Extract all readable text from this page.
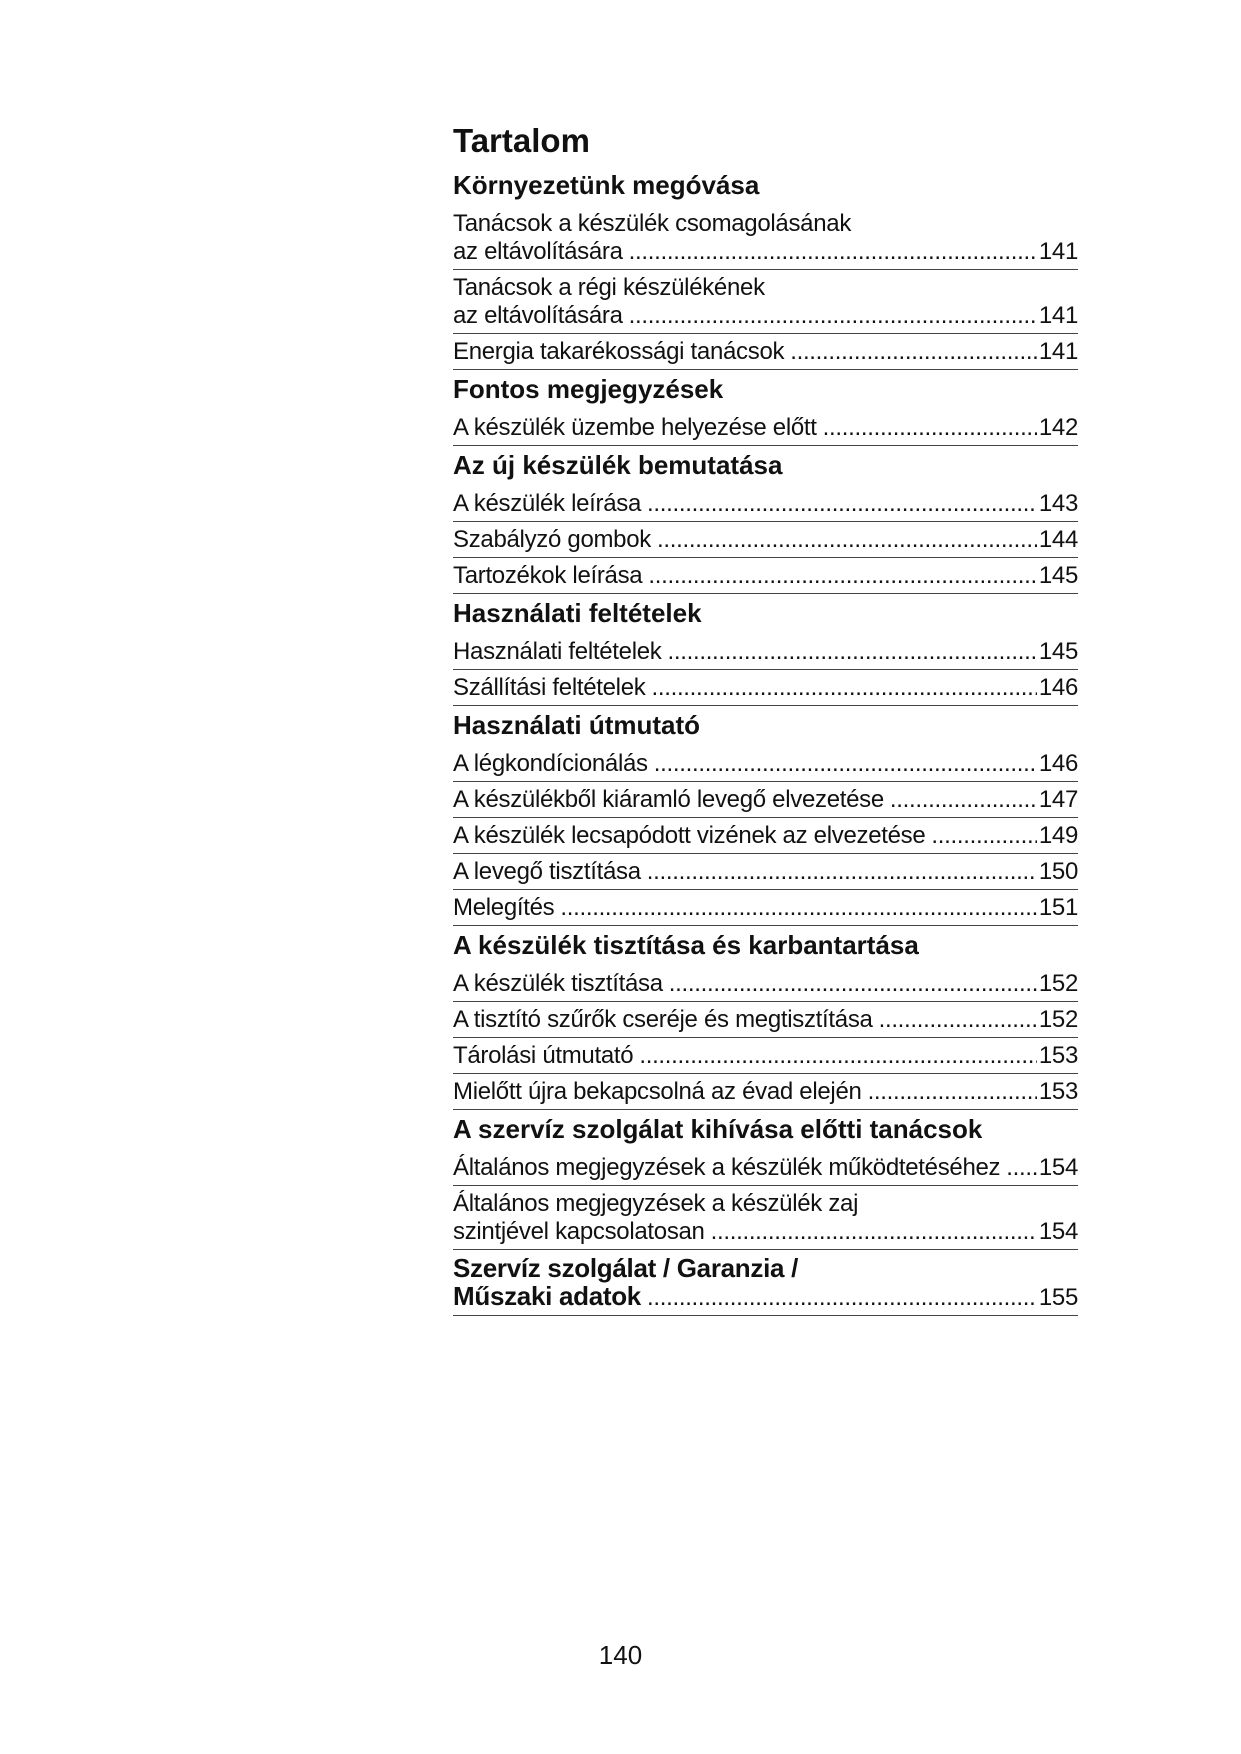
Tartalom
Környezetünk megóvása
Tanácsok a készülék csomagolásának
az eltávolítására .....	141
Tanácsok a régi készülékének
az eltávolítására .....	141
Energia takarékossági tanácsok .....	141
Fontos megjegyzések
A készülék üzembe helyezése előtt .....	142
Az új készülék bemutatása
A készülék leírása .....	143
Szabályzó gombok .....	144
Tartozékok leírása .....	145
Használati feltételek
Használati feltételek .....	145
Szállítási feltételek .....	146
Használati útmutató
A légkondícionálás .....	146
A készülékből kiáramló levegő elvezetése .....	147
A készülék lecsapódott vizének az elvezetése .....	149
A levegő tisztítása .....	150
Melegítés .....	151
A készülék tisztítása és karbantartása
A készülék tisztítása .....	152
A tisztító szűrők cseréje és megtisztítása .....	152
Tárolási útmutató .....	153
Mielőtt újra bekapcsolná az évad elején .....	153
A szervíz szolgálat kihívása előtti tanácsok
Általános megjegyzések a készülék működtetéséhez ..... 154
Általános megjegyzések a készülék zaj
szintjével kapcsolatosan .....	154
Szervíz szolgálat / Garanzia /
Műszaki adatok .....	155
140
